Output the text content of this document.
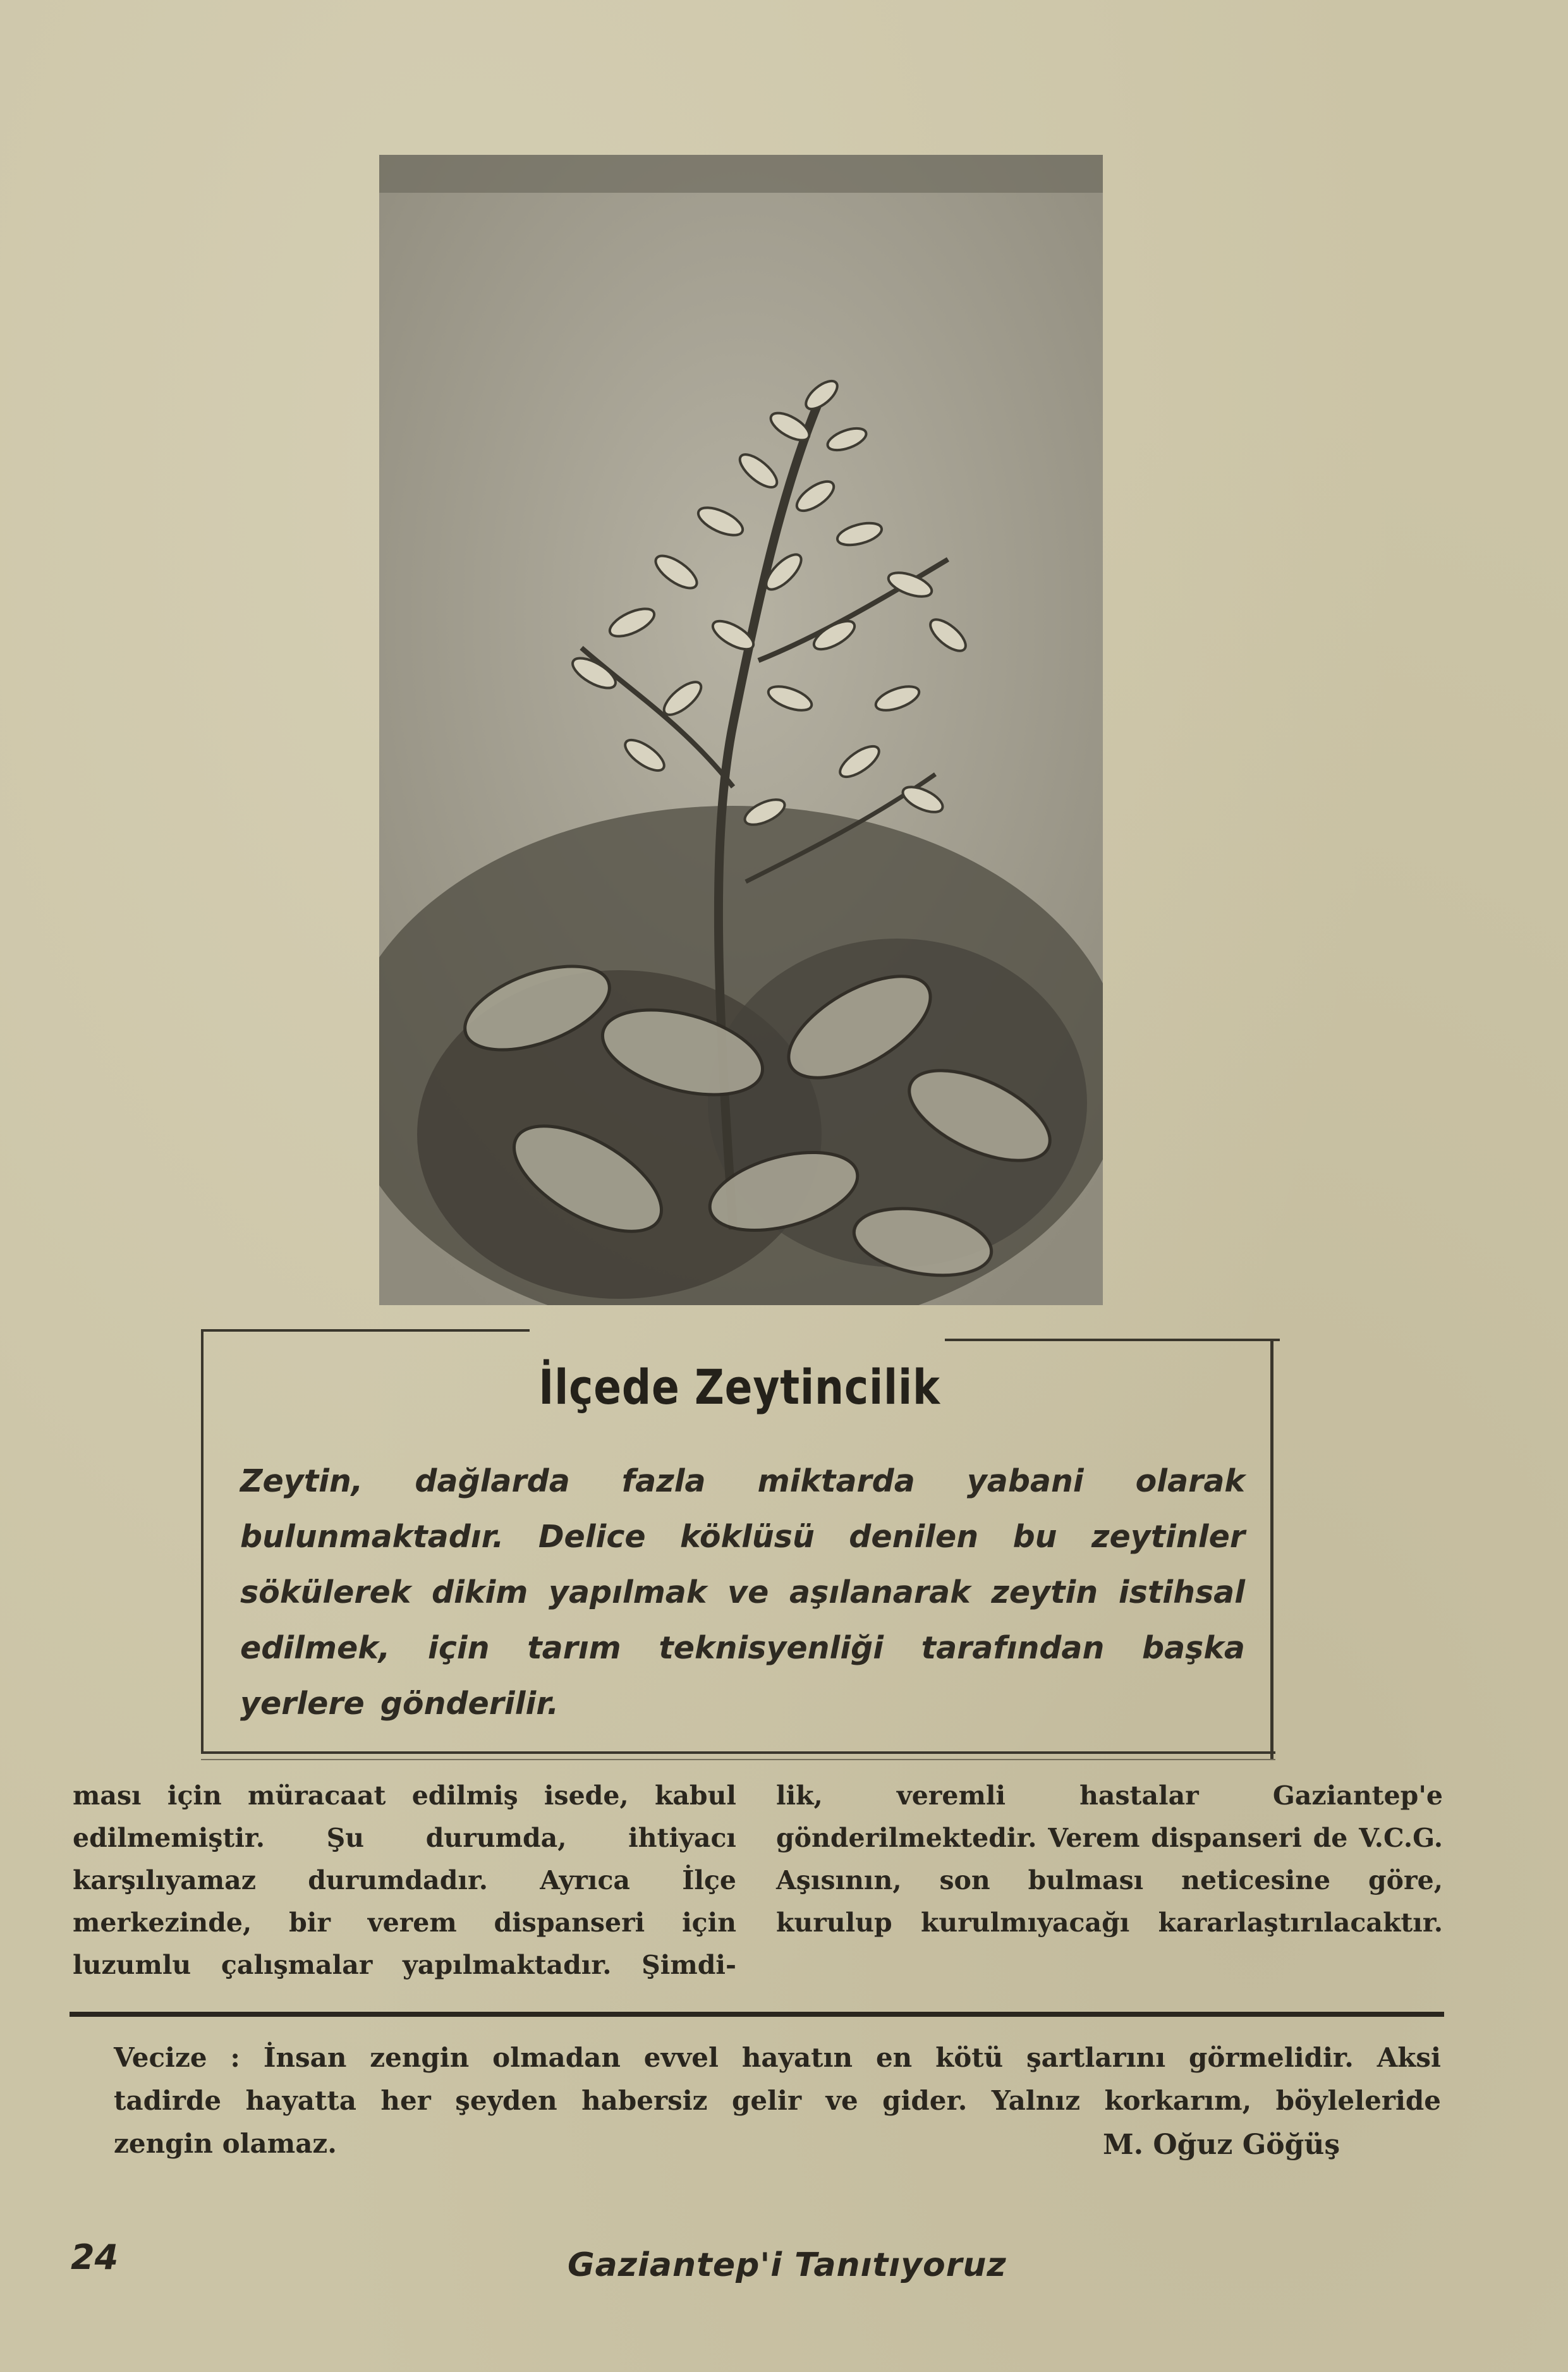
İlçede Zeytincilik
Zeytin, dağlarda fazla miktarda yabani olarak bulunmaktadır. Delice köklüsü denilen bu zeytinler sökülerek dikim yapılmak ve aşılanarak zeytin istihsal edilmek, için tarım teknisyenliği tarafından başka yerlere gönderilir.
ması için müracaat edilmiş isede, kabul edilmemiştir. Şu durumda, ihtiyacı karşılıyamaz durumdadır. Ayrıca İlçe merkezinde, bir verem dispanseri için luzumlu çalışmalar yapılmaktadır. Şimdi-
lik, veremli hastalar Gaziantep'e gönderilmektedir. Verem dispanseri de V.C.G. Aşısının, son bulması neticesine göre, kurulup kurulmıyacağı kararlaştırılacaktır.
Vecize : İnsan zengin olmadan evvel hayatın en kötü şartlarını görmelidir. Aksi
tadirde hayatta her şeyden habersiz gelir ve gider. Yalnız korkarım, böyleleride
zengin olamaz.	M. Oğuz Göğüş
24	Gaziantep'i Tanıtıyoruz
